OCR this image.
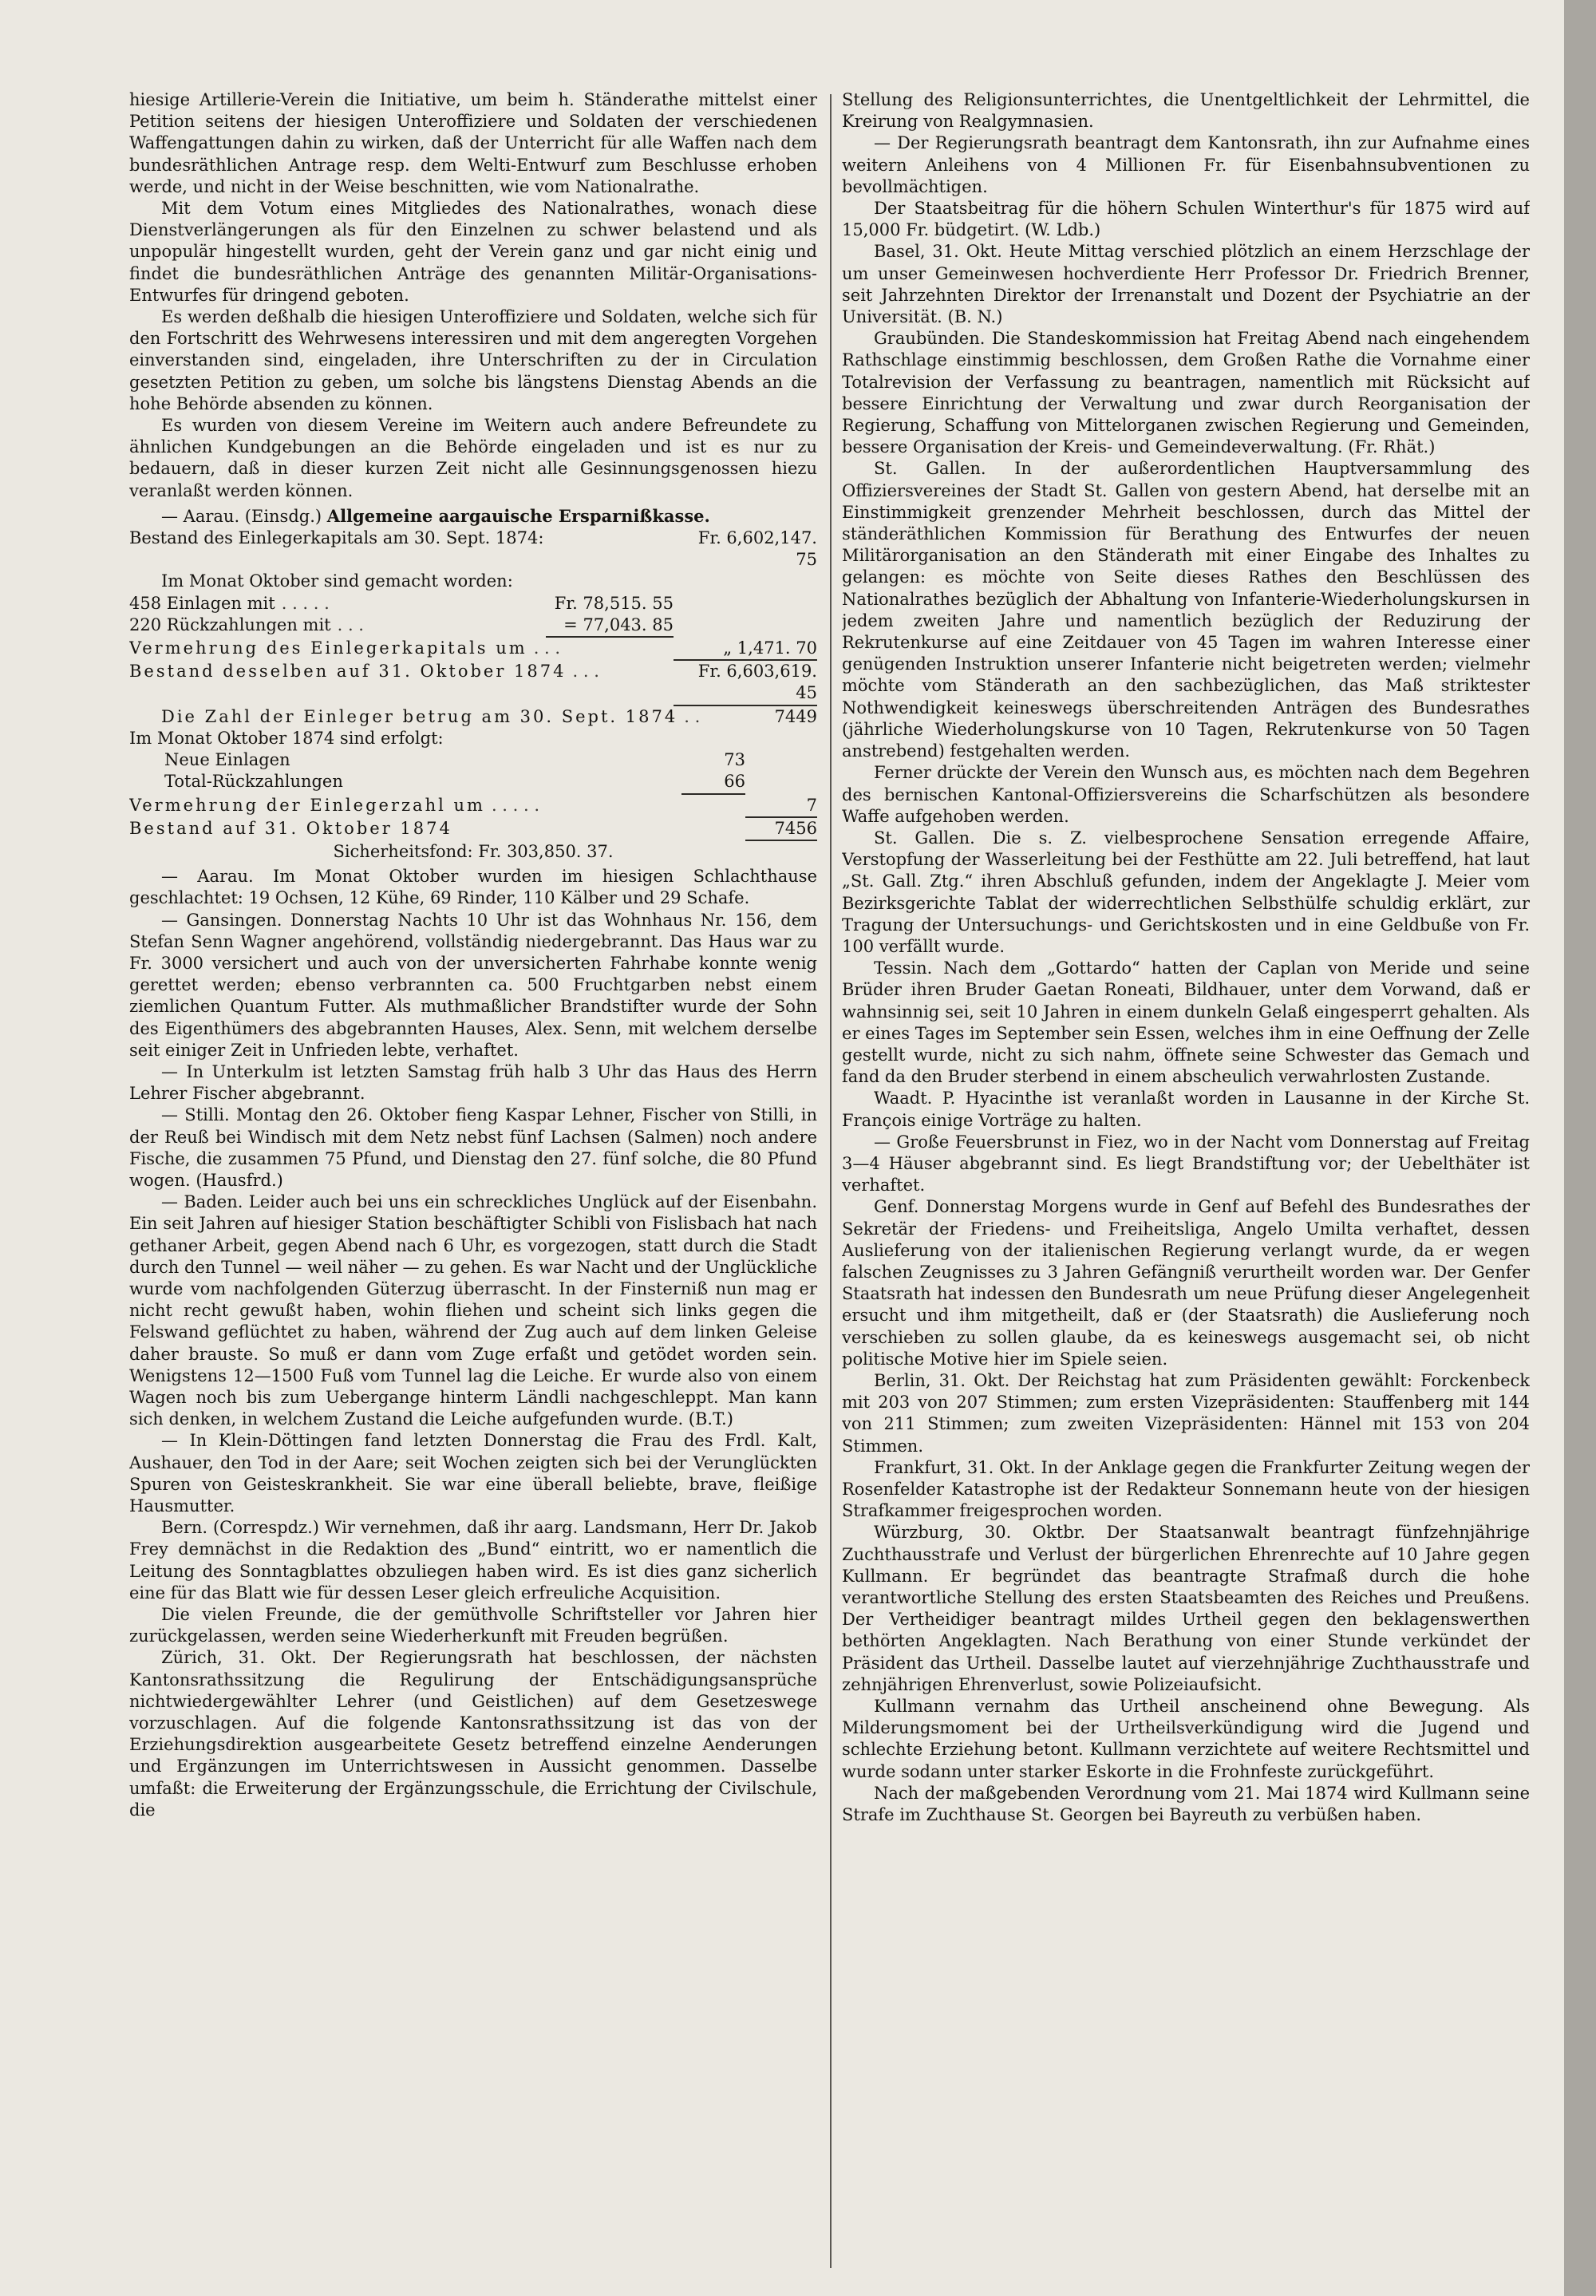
hiesige Artillerie-Verein die Initiative, um beim h. Ständerathe mittelst einer Petition seitens der hiesigen Unteroffiziere und Soldaten der verschiedenen Waffengattungen dahin zu wirken, daß der Unterricht für alle Waffen nach dem bundesräthlichen Antrage resp. dem Welti-Entwurf zum Beschlusse erhoben werde, und nicht in der Weise beschnitten, wie vom Nationalrathe.

Mit dem Votum eines Mitgliedes des Nationalrathes, wonach diese Dienstverlängerungen als für den Einzelnen zu schwer belastend und als unpopulär hingestellt wurden, geht der Verein ganz und gar nicht einig und findet die bundesräthlichen Anträge des genannten Militär-Organisations-Entwurfes für dringend geboten.

Es werden deßhalb die hiesigen Unteroffiziere und Soldaten, welche sich für den Fortschritt des Wehrwesens interessiren und mit dem angeregten Vorgehen einverstanden sind, eingeladen, ihre Unterschriften zu der in Circulation gesetzten Petition zu geben, um solche bis längstens Dienstag Abends an die hohe Behörde absenden zu können.

Es wurden von diesem Vereine im Weitern auch andere Befreundete zu ähnlichen Kundgebungen an die Behörde eingeladen und ist es nur zu bedauern, daß in dieser kurzen Zeit nicht alle Gesinnungsgenossen hiezu veranlaßt werden können.

— Aarau. (Einsdg.) Allgemeine aargauische Ersparnißkasse.

Bestand des Einlegerkapitals am 30. Sept. 1874:	Fr. 6,602,147. 75
Im Monat Oktober sind gemacht worden:
458 Einlagen mit . . . . .	Fr. 78,515. 55
220 Rückzahlungen mit . . .	= 77,043. 85
Vermehrung des Einlegerkapitals um . . .	„ 1,471. 70
Bestand desselben auf 31. Oktober 1874 . . .	Fr. 6,603,619. 45
Die Zahl der Einleger betrug am 30. Sept. 1874 . .	7449
Im Monat Oktober 1874 sind erfolgt:
Neue Einlagen	73
Total-Rückzahlungen	66
Vermehrung der Einlegerzahl um . . . . .	7
Bestand auf 31. Oktober 1874	7456

Sicherheitsfond: Fr. 303,850. 37.

— Aarau. Im Monat Oktober wurden im hiesigen Schlachthause geschlachtet: 19 Ochsen, 12 Kühe, 69 Rinder, 110 Kälber und 29 Schafe.

— Gansingen. Donnerstag Nachts 10 Uhr ist das Wohnhaus Nr. 156, dem Stefan Senn Wagner angehörend, vollständig niedergebrannt. Das Haus war zu Fr. 3000 versichert und auch von der unversicherten Fahrhabe konnte wenig gerettet werden; ebenso verbrannten ca. 500 Fruchtgarben nebst einem ziemlichen Quantum Futter. Als muthmaßlicher Brandstifter wurde der Sohn des Eigenthümers des abgebrannten Hauses, Alex. Senn, mit welchem derselbe seit einiger Zeit in Unfrieden lebte, verhaftet.

— In Unterkulm ist letzten Samstag früh halb 3 Uhr das Haus des Herrn Lehrer Fischer abgebrannt.

— Stilli. Montag den 26. Oktober fieng Kaspar Lehner, Fischer von Stilli, in der Reuß bei Windisch mit dem Netz nebst fünf Lachsen (Salmen) noch andere Fische, die zusammen 75 Pfund, und Dienstag den 27. fünf solche, die 80 Pfund wogen. (Hausfrd.)

— Baden. Leider auch bei uns ein schreckliches Unglück auf der Eisenbahn. Ein seit Jahren auf hiesiger Station beschäftigter Schibli von Fislisbach hat nach gethaner Arbeit, gegen Abend nach 6 Uhr, es vorgezogen, statt durch die Stadt durch den Tunnel — weil näher — zu gehen. Es war Nacht und der Unglückliche wurde vom nachfolgenden Güterzug überrascht. In der Finsterniß nun mag er nicht recht gewußt haben, wohin fliehen und scheint sich links gegen die Felswand geflüchtet zu haben, während der Zug auch auf dem linken Geleise daher brauste. So muß er dann vom Zuge erfaßt und getödet worden sein. Wenigstens 12—1500 Fuß vom Tunnel lag die Leiche. Er wurde also von einem Wagen noch bis zum Uebergange hinterm Ländli nachgeschleppt. Man kann sich denken, in welchem Zustand die Leiche aufgefunden wurde. (B.T.)

— In Klein-Döttingen fand letzten Donnerstag die Frau des Frdl. Kalt, Aushauer, den Tod in der Aare; seit Wochen zeigten sich bei der Verunglückten Spuren von Geisteskrankheit. Sie war eine überall beliebte, brave, fleißige Hausmutter.

Bern. (Correspdz.) Wir vernehmen, daß ihr aarg. Landsmann, Herr Dr. Jakob Frey demnächst in die Redaktion des „Bund“ eintritt, wo er namentlich die Leitung des Sonntagblattes obzuliegen haben wird. Es ist dies ganz sicherlich eine für das Blatt wie für dessen Leser gleich erfreuliche Acquisition.

Die vielen Freunde, die der gemüthvolle Schriftsteller vor Jahren hier zurückgelassen, werden seine Wiederherkunft mit Freuden begrüßen.

Zürich, 31. Okt. Der Regierungsrath hat beschlossen, der nächsten Kantonsrathssitzung die Regulirung der Entschädigungsansprüche nichtwiedergewählter Lehrer (und Geistlichen) auf dem Gesetzeswege vorzuschlagen. Auf die folgende Kantonsrathssitzung ist das von der Erziehungsdirektion ausgearbeitete Gesetz betreffend einzelne Aenderungen und Ergänzungen im Unterrichtswesen in Aussicht genommen. Dasselbe umfaßt: die Erweiterung der Ergänzungsschule, die Errichtung der Civilschule, die

Stellung des Religionsunterrichtes, die Unentgeltlichkeit der Lehrmittel, die Kreirung von Realgymnasien.

— Der Regierungsrath beantragt dem Kantonsrath, ihn zur Aufnahme eines weitern Anleihens von 4 Millionen Fr. für Eisenbahnsubventionen zu bevollmächtigen.

Der Staatsbeitrag für die höhern Schulen Winterthur's für 1875 wird auf 15,000 Fr. büdgetirt. (W. Ldb.)

Basel, 31. Okt. Heute Mittag verschied plötzlich an einem Herzschlage der um unser Gemeinwesen hochverdiente Herr Professor Dr. Friedrich Brenner, seit Jahrzehnten Direktor der Irrenanstalt und Dozent der Psychiatrie an der Universität. (B. N.)

Graubünden. Die Standeskommission hat Freitag Abend nach eingehendem Rathschlage einstimmig beschlossen, dem Großen Rathe die Vornahme einer Totalrevision der Verfassung zu beantragen, namentlich mit Rücksicht auf bessere Einrichtung der Verwaltung und zwar durch Reorganisation der Regierung, Schaffung von Mittelorganen zwischen Regierung und Gemeinden, bessere Organisation der Kreis- und Gemeindeverwaltung. (Fr. Rhät.)

St. Gallen. In der außerordentlichen Hauptversammlung des Offiziersvereines der Stadt St. Gallen von gestern Abend, hat derselbe mit an Einstimmigkeit grenzender Mehrheit beschlossen, durch das Mittel der ständeräthlichen Kommission für Berathung des Entwurfes der neuen Militärorganisation an den Ständerath mit einer Eingabe des Inhaltes zu gelangen: es möchte von Seite dieses Rathes den Beschlüssen des Nationalrathes bezüglich der Abhaltung von Infanterie-Wiederholungskursen in jedem zweiten Jahre und namentlich bezüglich der Reduzirung der Rekrutenkurse auf eine Zeitdauer von 45 Tagen im wahren Interesse einer genügenden Instruktion unserer Infanterie nicht beigetreten werden; vielmehr möchte vom Ständerath an den sachbezüglichen, das Maß striktester Nothwendigkeit keineswegs überschreitenden Anträgen des Bundesrathes (jährliche Wiederholungskurse von 10 Tagen, Rekrutenkurse von 50 Tagen anstrebend) festgehalten werden.

Ferner drückte der Verein den Wunsch aus, es möchten nach dem Begehren des bernischen Kantonal-Offiziersvereins die Scharfschützen als besondere Waffe aufgehoben werden.

St. Gallen. Die s. Z. vielbesprochene Sensation erregende Affaire, Verstopfung der Wasserleitung bei der Festhütte am 22. Juli betreffend, hat laut „St. Gall. Ztg.“ ihren Abschluß gefunden, indem der Angeklagte J. Meier vom Bezirksgerichte Tablat der widerrechtlichen Selbsthülfe schuldig erklärt, zur Tragung der Untersuchungs- und Gerichtskosten und in eine Geldbuße von Fr. 100 verfällt wurde.

Tessin. Nach dem „Gottardo“ hatten der Caplan von Meride und seine Brüder ihren Bruder Gaetan Roneati, Bildhauer, unter dem Vorwand, daß er wahnsinnig sei, seit 10 Jahren in einem dunkeln Gelaß eingesperrt gehalten. Als er eines Tages im September sein Essen, welches ihm in eine Oeffnung der Zelle gestellt wurde, nicht zu sich nahm, öffnete seine Schwester das Gemach und fand da den Bruder sterbend in einem abscheulich verwahrlosten Zustande.

Waadt. P. Hyacinthe ist veranlaßt worden in Lausanne in der Kirche St. François einige Vorträge zu halten.

— Große Feuersbrunst in Fiez, wo in der Nacht vom Donnerstag auf Freitag 3—4 Häuser abgebrannt sind. Es liegt Brandstiftung vor; der Uebelthäter ist verhaftet.

Genf. Donnerstag Morgens wurde in Genf auf Befehl des Bundesrathes der Sekretär der Friedens- und Freiheitsliga, Angelo Umilta verhaftet, dessen Auslieferung von der italienischen Regierung verlangt wurde, da er wegen falschen Zeugnisses zu 3 Jahren Gefängniß verurtheilt worden war. Der Genfer Staatsrath hat indessen den Bundesrath um neue Prüfung dieser Angelegenheit ersucht und ihm mitgetheilt, daß er (der Staatsrath) die Auslieferung noch verschieben zu sollen glaube, da es keineswegs ausgemacht sei, ob nicht politische Motive hier im Spiele seien.

Berlin, 31. Okt. Der Reichstag hat zum Präsidenten gewählt: Forckenbeck mit 203 von 207 Stimmen; zum ersten Vizepräsidenten: Stauffenberg mit 144 von 211 Stimmen; zum zweiten Vizepräsidenten: Hännel mit 153 von 204 Stimmen.

Frankfurt, 31. Okt. In der Anklage gegen die Frankfurter Zeitung wegen der Rosenfelder Katastrophe ist der Redakteur Sonnemann heute von der hiesigen Strafkammer freigesprochen worden.

Würzburg, 30. Oktbr. Der Staatsanwalt beantragt fünfzehnjährige Zuchthausstrafe und Verlust der bürgerlichen Ehrenrechte auf 10 Jahre gegen Kullmann. Er begründet das beantragte Strafmaß durch die hohe verantwortliche Stellung des ersten Staatsbeamten des Reiches und Preußens. Der Vertheidiger beantragt mildes Urtheil gegen den beklagenswerthen bethörten Angeklagten. Nach Berathung von einer Stunde verkündet der Präsident das Urtheil. Dasselbe lautet auf vierzehnjährige Zuchthausstrafe und zehnjährigen Ehrenverlust, sowie Polizeiaufsicht.

Kullmann vernahm das Urtheil anscheinend ohne Bewegung. Als Milderungsmoment bei der Urtheilsverkündigung wird die Jugend und schlechte Erziehung betont. Kullmann verzichtete auf weitere Rechtsmittel und wurde sodann unter starker Eskorte in die Frohnfeste zurückgeführt.

Nach der maßgebenden Verordnung vom 21. Mai 1874 wird Kullmann seine Strafe im Zuchthause St. Georgen bei Bayreuth zu verbüßen haben.
